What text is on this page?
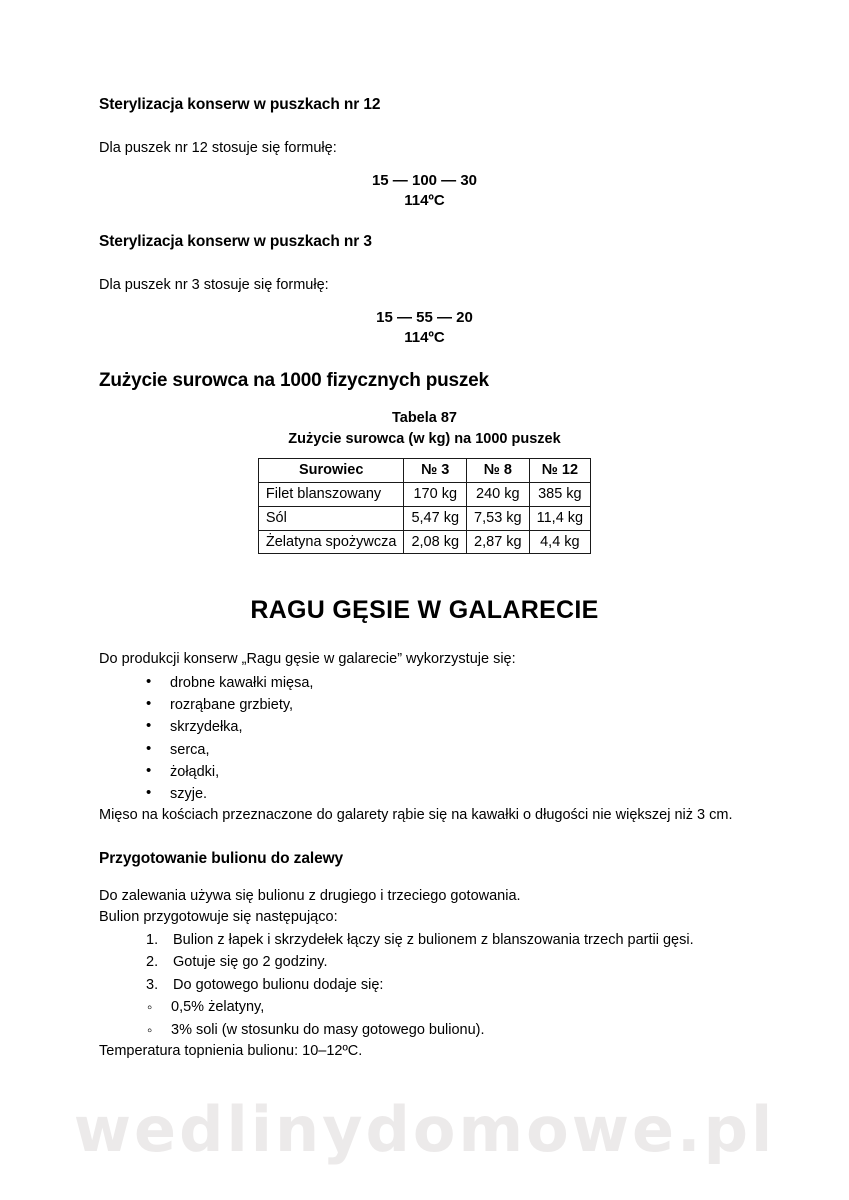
Sterylizacja konserw w puszkach nr 12

Dla puszek nr 12 stosuje się formułę:

15 — 100 — 30
114ºC
Sterylizacja konserw w puszkach nr 3

Dla puszek nr 3 stosuje się formułę:

15 — 55 — 20
114ºC
Zużycie surowca na 1000 fizycznych puszek
Tabela 87
Zużycie surowca (w kg) na 1000 puszek
Surowiec	№ 3	№ 8	№ 12
Filet blanszowany	170 kg	240 kg	385 kg
Sól	5,47 kg	7,53 kg	11,4 kg
Żelatyna spożywcza	2,08 kg	2,87 kg	4,4 kg
RAGU GĘSIE W GALARECIE

Do produkcji konserw „Ragu gęsie w galarecie” wykorzystuje się:

• drobne kawałki mięsa,
• rozrąbane grzbiety,
• skrzydełka,
• serca,
• żołądki,
• szyje.

Mięso na kościach przeznaczone do galarety rąbie się na kawałki o długości nie większej niż 3 cm.

Przygotowanie bulionu do zalewy

Do zalewania używa się bulionu z drugiego i trzeciego gotowania.

Bulion przygotowuje się następująco:

Bulion z łapek i skrzydełek łączy się z bulionem z blanszowania trzech partii gęsi.
Gotuje się go 2 godziny.
Do gotowego bulionu dodaje się:
◦ 0,5% żelatyny,
◦ 3% soli (w stosunku do masy gotowego bulionu).

Temperatura topnienia bulionu: 10–12ºC.

wedlinydomowe.pl
